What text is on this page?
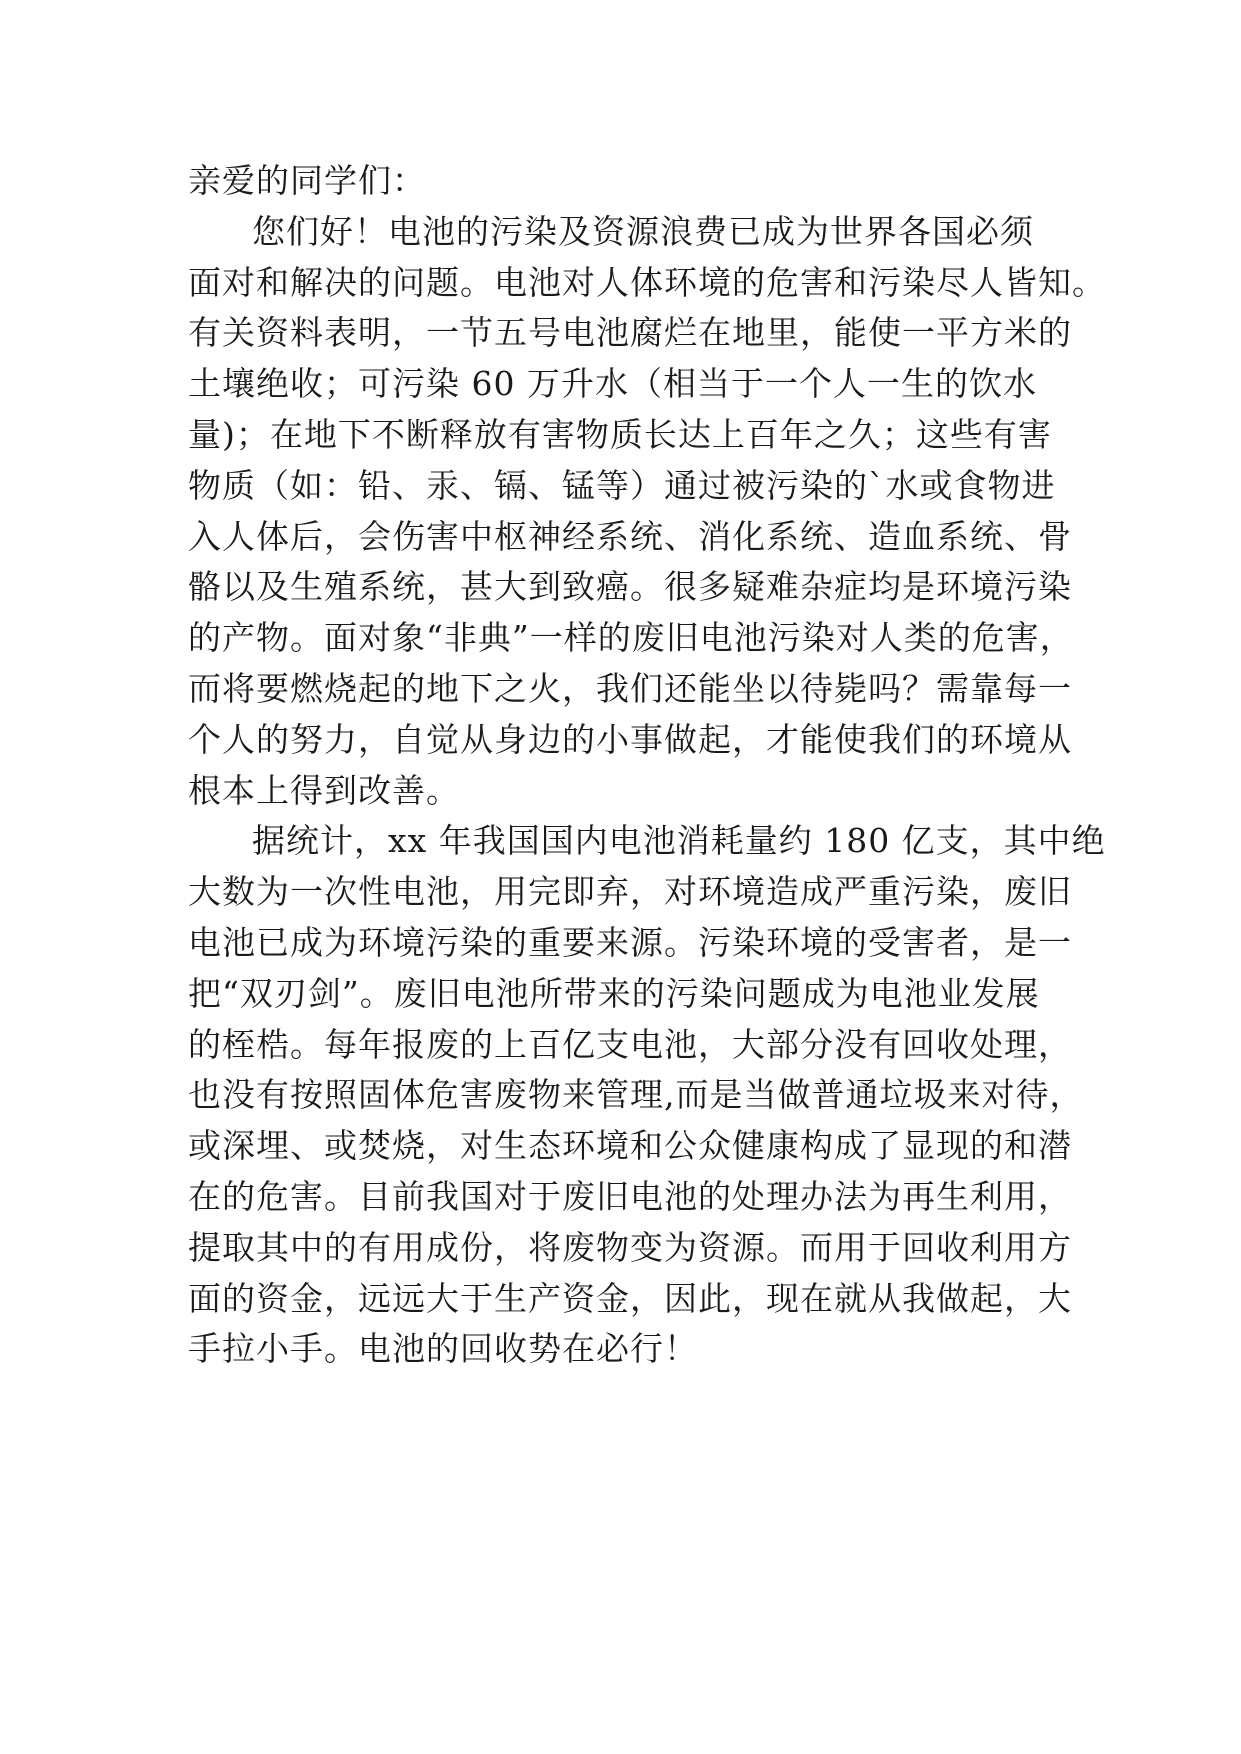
亲爱的同学们：
您们好！电池的污染及资源浪费已成为世界各国必须
面对和解决的问题。电池对人体环境的危害和污染尽人皆知。
有关资料表明，一节五号电池腐烂在地里，能使一平方米的
土壤绝收；可污染 60 万升水（相当于一个人一生的饮水
量)；在地下不断释放有害物质长达上百年之久；这些有害
物质（如：铅、汞、镉、锰等）通过被污染的`水或食物进
入人体后，会伤害中枢神经系统、消化系统、造血系统、骨
骼以及生殖系统，甚大到致癌。很多疑难杂症均是环境污染
的产物。面对象“非典”一样的废旧电池污染对人类的危害，
而将要燃烧起的地下之火，我们还能坐以待毙吗？需靠每一
个人的努力，自觉从身边的小事做起，才能使我们的环境从
根本上得到改善。
据统计，xx 年我国国内电池消耗量约 180 亿支，其中绝
大数为一次性电池，用完即弃，对环境造成严重污染，废旧
电池已成为环境污染的重要来源。污染环境的受害者，是一
把“双刃剑”。废旧电池所带来的污染问题成为电池业发展
的桎梏。每年报废的上百亿支电池，大部分没有回收处理，
也没有按照固体危害废物来管理,而是当做普通垃圾来对待，
或深埋、或焚烧，对生态环境和公众健康构成了显现的和潜
在的危害。目前我国对于废旧电池的处理办法为再生利用，
提取其中的有用成份，将废物变为资源。而用于回收利用方
面的资金，远远大于生产资金，因此，现在就从我做起，大
手拉小手。电池的回收势在必行！
